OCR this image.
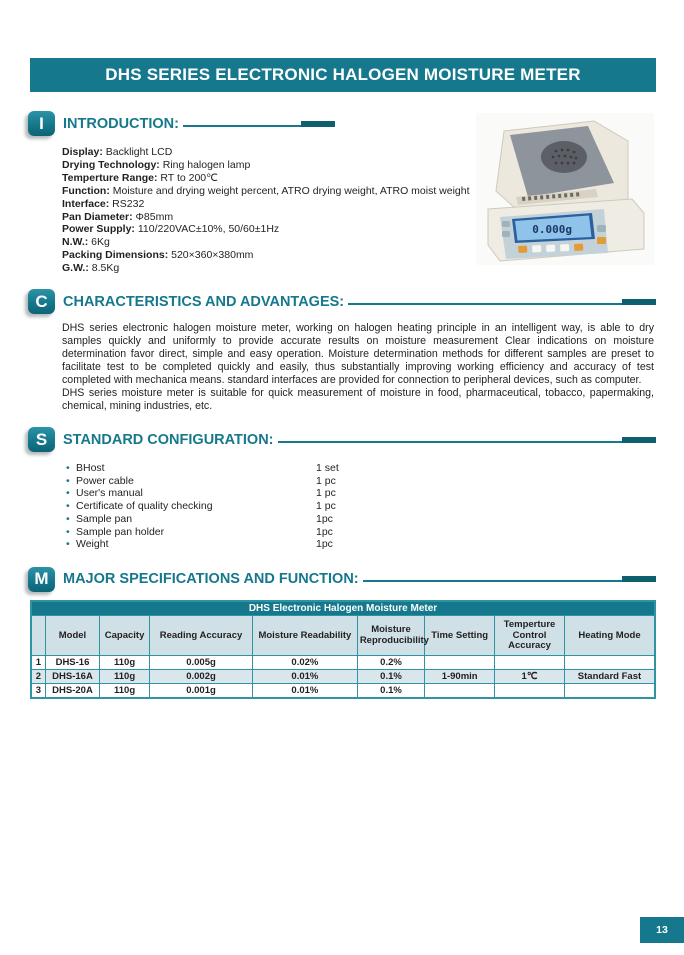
DHS SERIES ELECTRONIC HALOGEN MOISTURE METER
I INTRODUCTION:
Display: Backlight LCD
Drying Technology: Ring halogen lamp
Temperture Range: RT to 200℃
Function: Moisture and drying weight percent, ATRO drying weight, ATRO moist weight
Interface: RS232
Pan Diameter: Φ85mm
Power Supply: 110/220VAC±10%, 50/60±1Hz
N.W.: 6Kg
Packing Dimensions: 520×360×380mm
G.W.: 8.5Kg
0.000g
C CHARACTERISTICS AND ADVANTAGES:

DHS series electronic halogen moisture meter, working on halogen heating principle in an intelligent way, is able to dry samples quickly and uniformly to provide accurate results on moisture measurement Clear indications on moisture determination favor direct, simple and easy operation. Moisture determination methods for different samples are preset to facilitate test to be completed quickly and easily, thus substantially improving working efficiency and accuracy of test completed with mechanica means. standard interfaces are provided for connection to peripheral devices, such as computer.

DHS series moisture meter is suitable for quick measurement of moisture in food, pharmaceutical, tobacco, papermaking, chemical, mining industries, etc.

S STANDARD CONFIGURATION:
• BHost	1 set
• Power cable	1 pc
• User's manual	1 pc
• Certificate of quality checking	1 pc
• Sample pan	1pc
• Sample pan holder	1pc
• Weight	1pc
M MAJOR SPECIFICATIONS AND FUNCTION:
DHS Electronic Halogen Moisture Meter								
	Model	Capacity	Reading Accuracy	Moisture Readability	Moisture Reproducibility	Time Setting	Temperture Control Accuracy	Heating Mode
1	DHS-16	110g	0.005g	0.02%	0.2%			
2	DHS-16A	110g	0.002g	0.01%	0.1%	1-90min	1℃	Standard Fast
3	DHS-20A	110g	0.001g	0.01%	0.1%			
13
